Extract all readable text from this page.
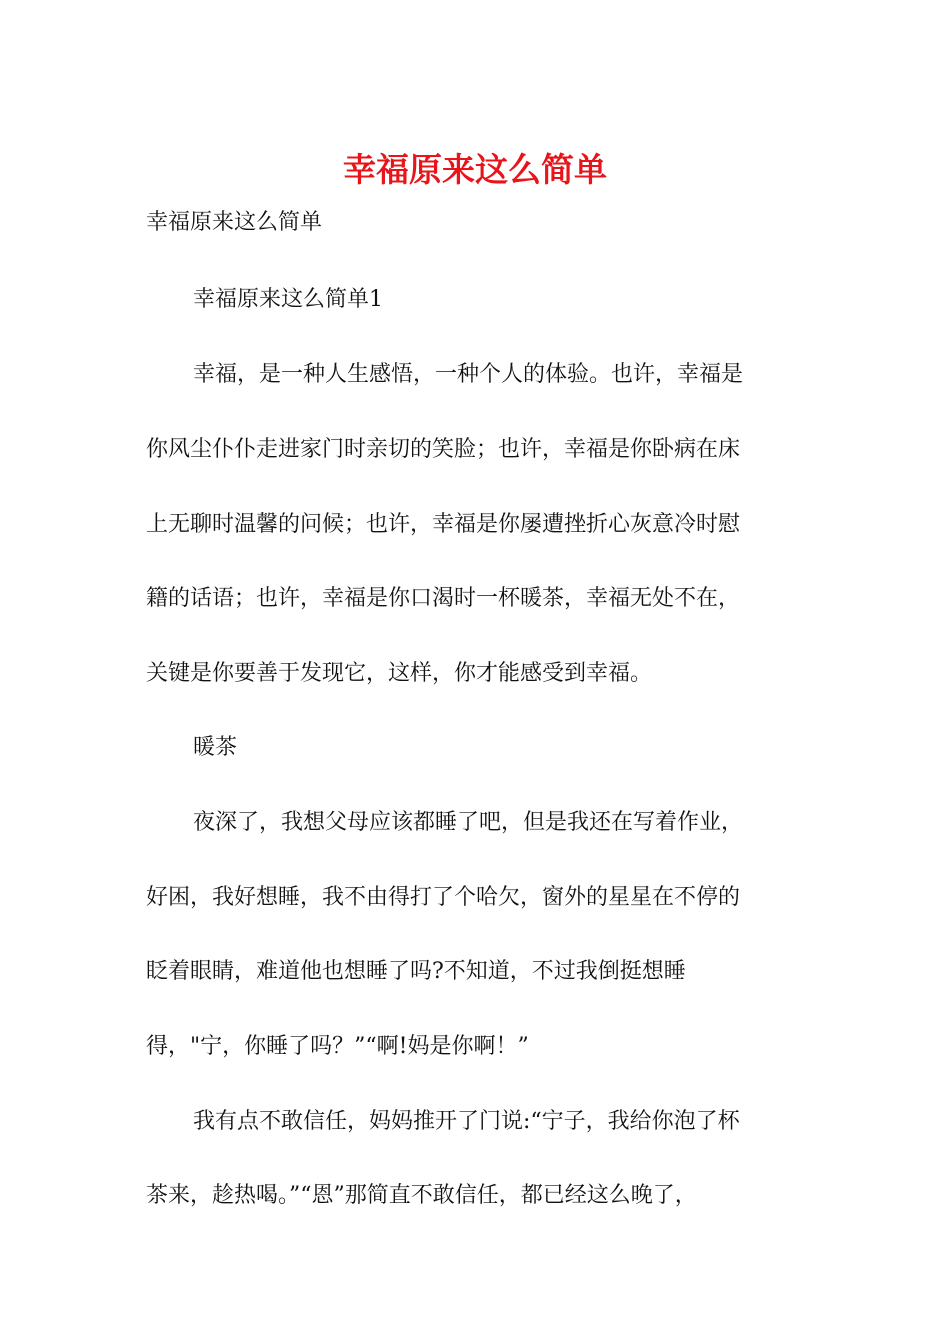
幸福原来这么简单

幸福原来这么简单

幸福原来这么简单1

幸福，是一种人生感悟，一种个人的体验。也许，幸福是

你风尘仆仆走进家门时亲切的笑脸；也许，幸福是你卧病在床

上无聊时温馨的问候；也许，幸福是你屡遭挫折心灰意冷时慰

籍的话语；也许，幸福是你口渴时一杯暖茶，幸福无处不在，

关键是你要善于发现它，这样，你才能感受到幸福。

暖茶

夜深了，我想父母应该都睡了吧，但是我还在写着作业，

好困，我好想睡，我不由得打了个哈欠，窗外的星星在不停的

眨着眼睛，难道他也想睡了吗?不知道，不过我倒挺想睡

得，"宁，你睡了吗？”“啊!妈是你啊！”

我有点不敢信任，妈妈推开了门说:“宁子，我给你泡了杯

茶来，趁热喝。”“恩”那简直不敢信任，都已经这么晚了，
